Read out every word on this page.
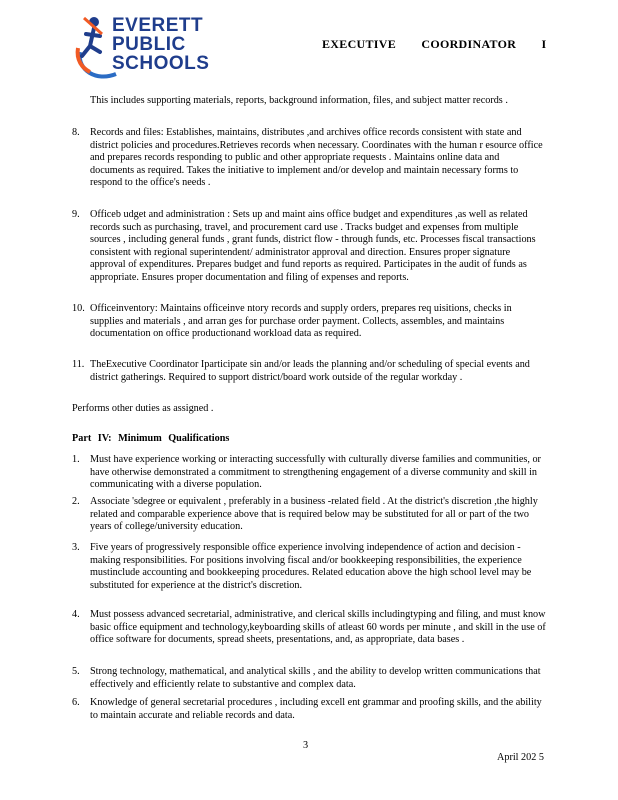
EVERETT
PUBLIC
SCHOOLS
EXECUTIVE COORDINATOR I
This includes supporting materials, reports, background information, files, and subject matter records .
8. Records and files: Establishes, maintains, distributes ,and archives office records consistent with state and district policies and procedures.Retrieves records when necessary. Coordinates with the human r esource office and prepares records responding to public and other appropriate requests . Maintains online data and documents as required. Takes the initiative to implement and/or develop and maintain necessary forms to respond to the office's needs .
9. Officeb udget and administration : Sets up and maint ains office budget and expenditures ,as well as related records such as purchasing, travel, and procurement card use . Tracks budget and expenses from multiple sources , including general funds , grant funds, district flow - through funds, etc. Processes fiscal transactions consistent with regional superintendent/ administrator approval and direction. Ensures proper signature approval of expenditures. Prepares budget and fund reports as required. Participates in the audit of funds as appropriate. Ensures proper documentation and filing of expenses and reports.
10. Officeinventory: Maintains officeinve ntory records and supply orders, prepares req uisitions, checks in supplies and materials , and arran ges for purchase order payment. Collects, assembles, and maintains documentation on office productionand workload data as required.
11. TheExecutive Coordinator Iparticipate sin and/or leads the planning and/or scheduling of special events and district gatherings. Required to support district/board work outside of the regular workday .
Performs other duties as assigned .
Part IV: Minimum Qualifications
1. Must have experience working or interacting successfully with culturally diverse families and communities, or have otherwise demonstrated a commitment to strengthening engagement of a diverse community and skill in communicating with a diverse population.
2. Associate 'sdegree or equivalent , preferably in a business -related field . At the district's discretion ,the highly related and comparable experience above that is required below may be substituted for all or part of the two years of college/university education.
3. Five years of progressively responsible office experience involving independence of action and decision -making responsibilities. For positions involving fiscal and/or bookkeeping responsibilities, the experience mustinclude accounting and bookkeeping procedures. Related education above the high school level may be substituted for experience at the district's discretion.
4. Must possess advanced secretarial, administrative, and clerical skills includingtyping and filing, and must know basic office equipment and technology,keyboarding skills of atleast 60 words per minute , and skill in the use of office software for documents, spread sheets, presentations, and, as appropriate, data bases .
5. Strong technology, mathematical, and analytical skills , and the ability to develop written communications that effectively and efficiently relate to substantive and complex data.
6. Knowledge of general secretarial procedures , including excell ent grammar and proofing skills, and the ability to maintain accurate and reliable records and data.
3
April 202 5
